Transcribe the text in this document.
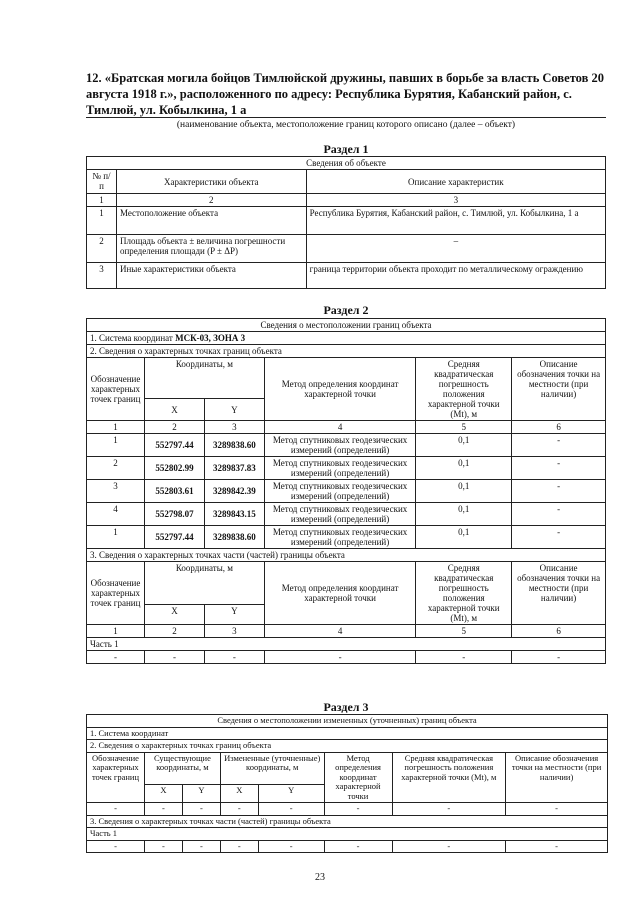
12. «Братская могила бойцов Тимлюйской дружины, павших в борьбе за власть Советов 20 августа 1918 г.», расположенного по адресу: Республика Бурятия, Кабанский район, с. Тимлюй, ул. Кобылкина, 1 а
(наименование объекта, местоположение границ которого описано (далее – объект)
Раздел 1
Сведения об объекте		
№ п/п	Характеристики объекта	Описание характеристик
1	2	3
1	Местоположение объекта	Республика Бурятия, Кабанский район, с. Тимлюй, ул. Кобылкина, 1 а
2	Площадь объекта ± величина погрешности определения площади (P ± ΔP)	–
3	Иные характеристики объекта	граница территории объекта проходит по металлическому ограждению
Раздел 2
Сведения о местоположении границ объекта					
1. Система координат МСК-03, ЗОНА 3					
2. Сведения о характерных точках границ объекта					
Обозначение характерных точек границ	Координаты, м		Метод определения координат характерной точки	Средняя квадратическая погрешность положения характерной точки (Mt), м	Описание обозначения точки на местности (при наличии)
	X	Y			
1	2	3	4	5	6
1	552797.44	3289838.60	Метод спутниковых геодезических измерений (определений)	0,1	-
2	552802.99	3289837.83	Метод спутниковых геодезических измерений (определений)	0,1	-
3	552803.61	3289842.39	Метод спутниковых геодезических измерений (определений)	0,1	-
4	552798.07	3289843.15	Метод спутниковых геодезических измерений (определений)	0,1	-
1	552797.44	3289838.60	Метод спутниковых геодезических измерений (определений)	0,1	-
3. Сведения о характерных точках части (частей) границы объекта					
Обозначение характерных точек границ	Координаты, м		Метод определения координат характерной точки	Средняя квадратическая погрешность положения характерной точки (Mt), м	Описание обозначения точки на местности (при наличии)
	X	Y			
1	2	3	4	5	6
Часть 1					
-	-	-	-	-	-
Раздел 3
Сведения о местоположении измененных (уточненных) границ объекта							
1. Система координат							
2. Сведения о характерных точках границ объекта							
Обозначение характерных точек границ	Существующие координаты, м		Измененные (уточненные) координаты, м		Метод определения координат характерной точки	Средняя квадратическая погрешность положения характерной точки (Mt), м	Описание обозначения точки на местности (при наличии)
	X	Y	X	Y			
-	-	-	-	-	-	-	-
3. Сведения о характерных точках части (частей) границы объекта							
Часть 1							
-	-	-	-	-	-	-	-
23
